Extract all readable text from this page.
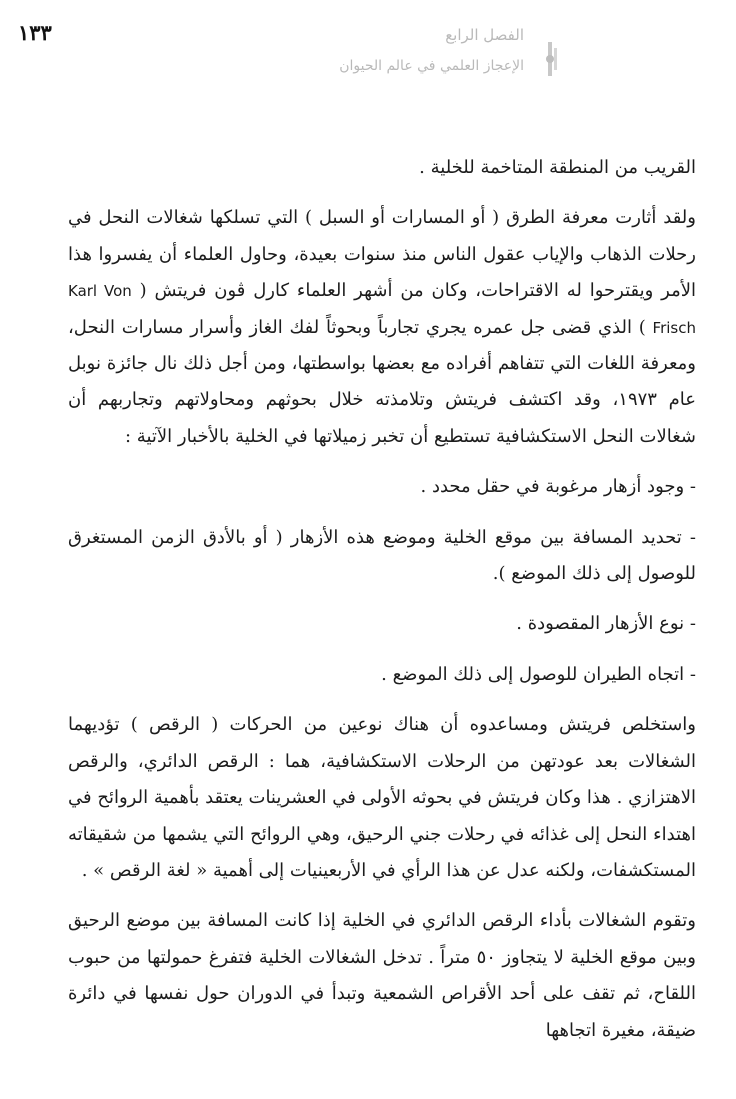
١٣٣	الفصل الرابع
الإعجاز العلمي في عالم الحيوان

القريب من المنطقة المتاخمة للخلية .

ولقد أثارت معرفة الطرق ( أو المسارات أو السبل ) التي تسلكها شغالات النحل في رحلات الذهاب والإياب عقول الناس منذ سنوات بعيدة، وحاول العلماء أن يفسروا هذا الأمر ويقترحوا له الاقتراحات، وكان من أشهر العلماء كارل ڤون فريتش ( Karl Von Frisch ) الذي قضى جل عمره يجري تجارباً وبحوثاً لفك الغاز وأسرار مسارات النحل، ومعرفة اللغات التي تتفاهم أفراده مع بعضها بواسطتها، ومن أجل ذلك نال جائزة نوبل عام ١٩٧٣، وقد اكتشف فريتش وتلامذته خلال بحوثهم ومحاولاتهم وتجاربهم أن شغالات النحل الاستكشافية تستطيع أن تخبر زميلاتها في الخلية بالأخبار الآتية :

- وجود أزهار مرغوبة في حقل محدد .

- تحديد المسافة بين موقع الخلية وموضع هذه الأزهار ( أو بالأدق الزمن المستغرق للوصول إلى ذلك الموضع ).

- نوع الأزهار المقصودة .

- اتجاه الطيران للوصول إلى ذلك الموضع .

واستخلص فريتش ومساعدوه أن هناك نوعين من الحركات ( الرقص ) تؤديهما الشغالات بعد عودتهن من الرحلات الاستكشافية، هما : الرقص الدائري، والرقص الاهتزازي . هذا وكان فريتش في بحوثه الأولى في العشرينات يعتقد بأهمية الروائح في اهتداء النحل إلى غذائه في رحلات جني الرحيق، وهي الروائح التي يشمها من شقيقاته المستكشفات، ولكنه عدل عن هذا الرأي في الأربعينيات إلى أهمية « لغة الرقص » .

وتقوم الشغالات بأداء الرقص الدائري في الخلية إذا كانت المسافة بين موضع الرحيق وبين موقع الخلية لا يتجاوز ٥٠ متراً . تدخل الشغالات الخلية فتفرغ حمولتها من حبوب اللقاح، ثم تقف على أحد الأقراص الشمعية وتبدأ في الدوران حول نفسها في دائرة ضيقة، مغيرة اتجاهها
